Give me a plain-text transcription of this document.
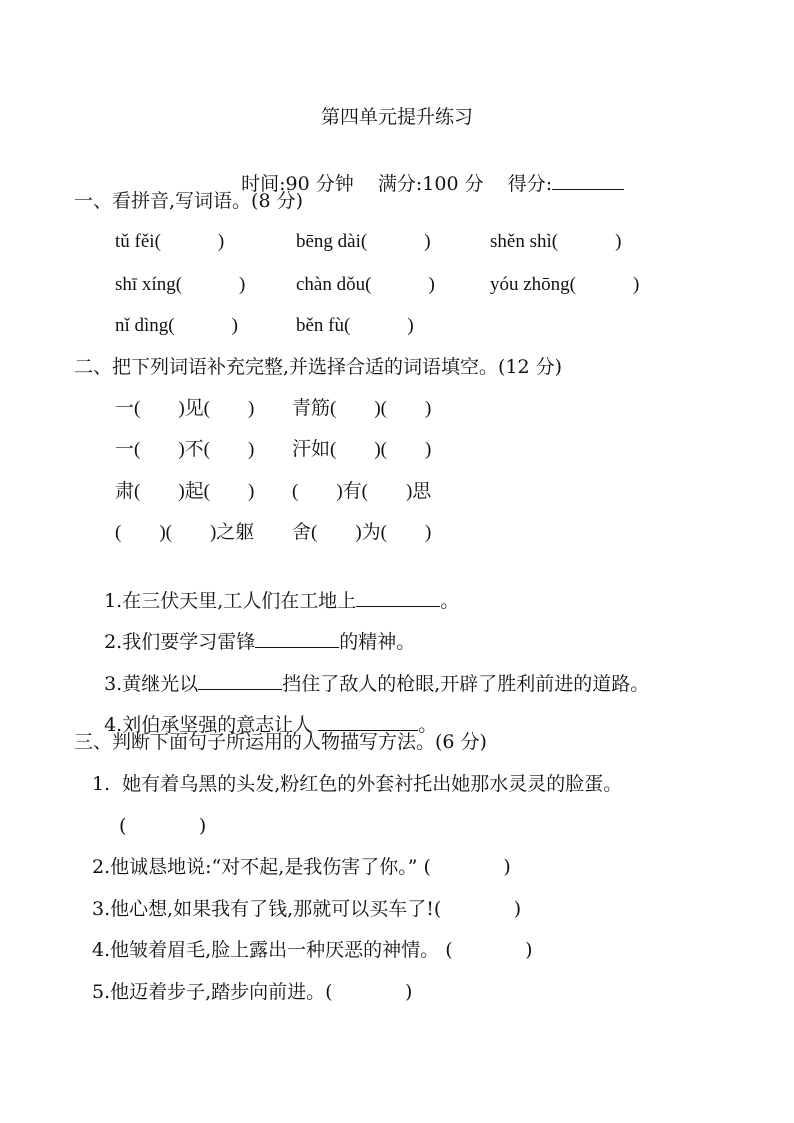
第四单元提升练习

时间:90 分钟 满分:100 分 得分:

一、看拼音,写词语。(8 分)
tǔ fěi(            )	bēng dài(            )	shěn shì(            )
shī xíng(            )	chàn dǒu(            )	yóu zhōng(            )
nǐ dìng(            )	běn fù(            )
二、把下列词语补充完整,并选择合适的词语填空。(12 分)
一(        )见(        ) 青筋(        )(        )
一(        )不(        ) 汗如(        )(        )
肃(        )起(        ) (        )有(        )思
(        )(        )之躯 舍(        )为(        )

1.在三伏天里,工人们在工地上	。

2.我们要学习雷锋	的精神。

3.黄继光以	挡住了敌人的枪眼,开辟了胜利前进的道路。

4.刘伯承坚强的意志让人	。

三、判断下面句子所运用的人物描写方法。(6 分)
1.  她有着乌黑的头发,粉红色的外套衬托出她那水灵灵的脸蛋。
(            )
2.他诚恳地说:“对不起,是我伤害了你。” (            )
3.他心想,如果我有了钱,那就可以买车了!(            )
4.他皱着眉毛,脸上露出一种厌恶的神情。 (            )
5.他迈着步子,踏步向前进。(            )
